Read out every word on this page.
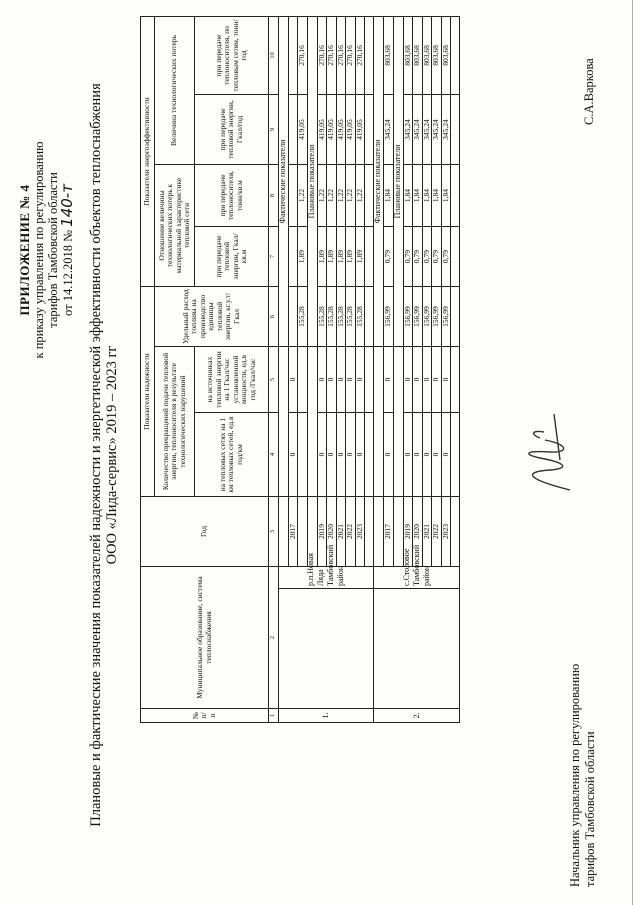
ПРИЛОЖЕНИЕ № 4 к приказу управления по регулированию тарифов Тамбовской области от 14.12.2018 № 140-т Плановые и фактические значения показателей надежности и энергетической эффективности объектов теплоснабжения ООО «Лида-сервис» 2019 – 2023 гг
№ п/п	Муниципальное образование, система теплоснабжения		Год	Показатели надежности			Показатели энергоэффективности			
				Количество прекращений подачи тепловой энергии, теплоносителя в результате технологических нарушений		Удельный расход топлива на производство единицы тепловой энергии, кг.у.т/Гкал	Отношение величины технологических потерь к материальной характеристике тепловой сети		Величина технологических потерь	
				на тепловых сетях на 1 км тепловых сетей, ед.в год/км	на источниках тепловой энергии на 1 Гкал/час установленной мощности, ед.в год /Гкал/час		при передаче тепловой энергии, Гкал/кв.м	при передаче теплоносителя, тонн/кв.м	при передаче тепловой энергии, Гкал/год	при передаче теплоносителя, по тепловым сетям, тонн/год
1	2		3	4	5	6	7	8	9	10
1.		р.п.Новая Ляда Тамбовский район				Фактические показатели				
			2017	0	0					
						155,28	1,89	1,22	419,05	270,16
						Плановые показатели				
			2019	0	0	155,28	1,89	1,22	419,05	270,16
			2020	0	0	155,28	1,89	1,22	419,05	270,16
			2021	0	0	155,28	1,89	1,22	419,05	270,16
			2022	0	0	155,28	1,89	1,22	419,05	270,16
			2023	0	0	155,28	1,89	1,22	419,05	270,16

2.		с.Столовое Тамбовский район				Фактические показатели				
			2017	0	0	156,99	0,79	1,84	345,24	803,68
						Плановые показатели				
			2019	0	0	156,99	0,79	1,84	345,24	803,68
			2020	0	0	156,99	0,79	1,84	345,24	803,68
			2021	0	0	156,99	0,79	1,84	345,24	803,68
			2022	0	0	156,99	0,79	1,84	345,24	803,68
			2023	0	0	156,99	0,79	1,84	345,24	803,68

Начальник управления по регулированию тарифов Тамбовской области
С.А.Варкова
